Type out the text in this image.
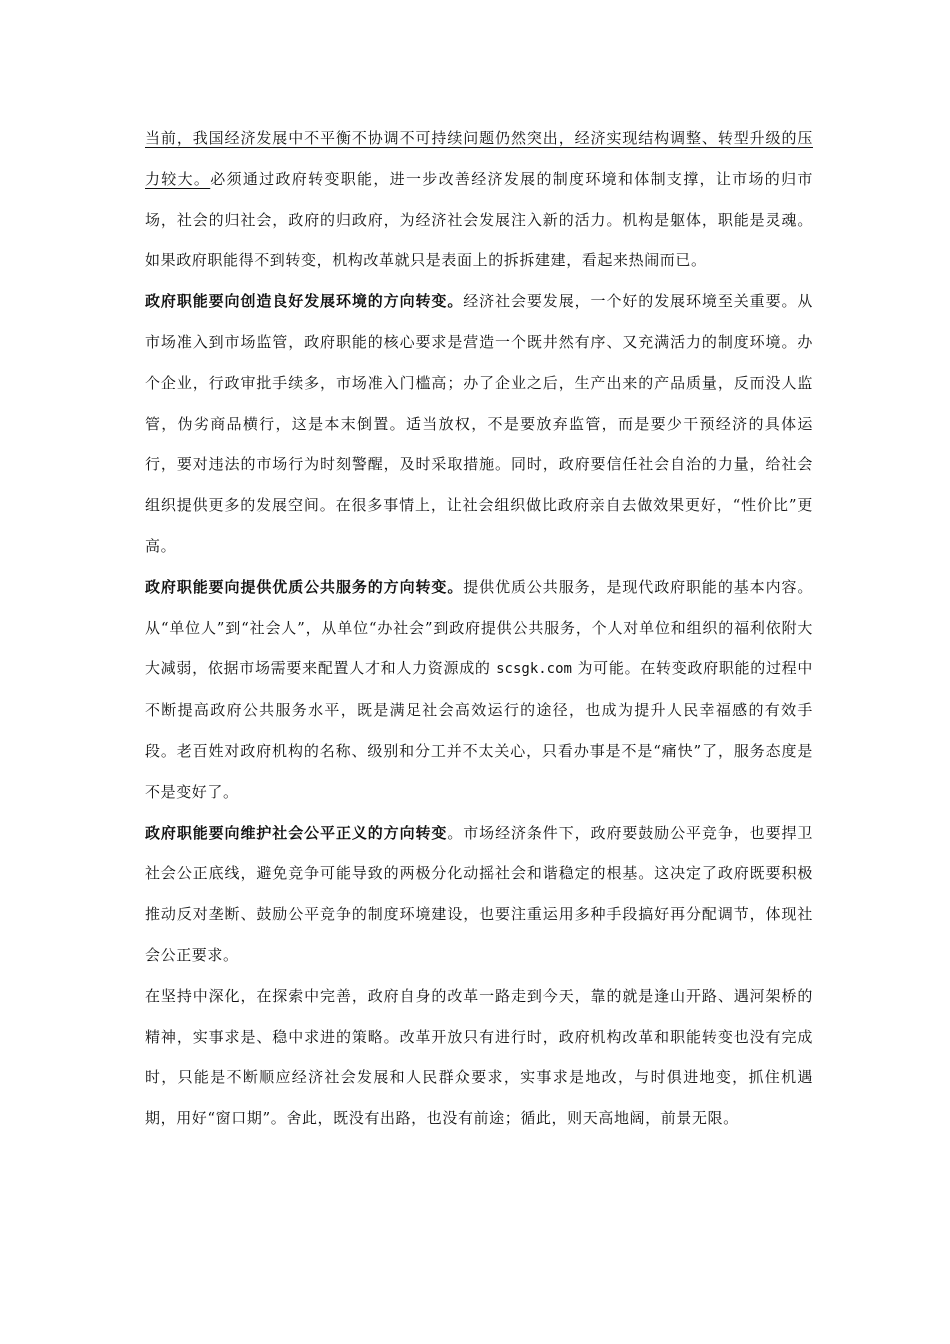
当前，我国经济发展中不平衡不协调不可持续问题仍然突出，经济实现结构调整、转型升级的压力较大。必须通过政府转变职能，进一步改善经济发展的制度环境和体制支撑，让市场的归市场，社会的归社会，政府的归政府，为经济社会发展注入新的活力。机构是躯体，职能是灵魂。如果政府职能得不到转变，机构改革就只是表面上的拆拆建建，看起来热闹而已。

政府职能要向创造良好发展环境的方向转变。经济社会要发展，一个好的发展环境至关重要。从市场准入到市场监管，政府职能的核心要求是营造一个既井然有序、又充满活力的制度环境。办个企业，行政审批手续多，市场准入门槛高；办了企业之后，生产出来的产品质量，反而没人监管，伪劣商品横行，这是本末倒置。适当放权，不是要放弃监管，而是要少干预经济的具体运行，要对违法的市场行为时刻警醒，及时采取措施。同时，政府要信任社会自治的力量，给社会组织提供更多的发展空间。在很多事情上，让社会组织做比政府亲自去做效果更好，“性价比”更高。

政府职能要向提供优质公共服务的方向转变。提供优质公共服务，是现代政府职能的基本内容。从“单位人”到“社会人”，从单位“办社会”到政府提供公共服务，个人对单位和组织的福利依附大大减弱，依据市场需要来配置人才和人力资源成的 scsgk.com 为可能。在转变政府职能的过程中不断提高政府公共服务水平，既是满足社会高效运行的途径，也成为提升人民幸福感的有效手段。老百姓对政府机构的名称、级别和分工并不太关心，只看办事是不是“痛快”了，服务态度是不是变好了。

政府职能要向维护社会公平正义的方向转变。市场经济条件下，政府要鼓励公平竞争，也要捍卫社会公正底线，避免竞争可能导致的两极分化动摇社会和谐稳定的根基。这决定了政府既要积极推动反对垄断、鼓励公平竞争的制度环境建设，也要注重运用多种手段搞好再分配调节，体现社会公正要求。

在坚持中深化，在探索中完善，政府自身的改革一路走到今天，靠的就是逢山开路、遇河架桥的精神，实事求是、稳中求进的策略。改革开放只有进行时，政府机构改革和职能转变也没有完成时，只能是不断顺应经济社会发展和人民群众要求，实事求是地改，与时俱进地变，抓住机遇期，用好“窗口期”。舍此，既没有出路，也没有前途；循此，则天高地阔，前景无限。
